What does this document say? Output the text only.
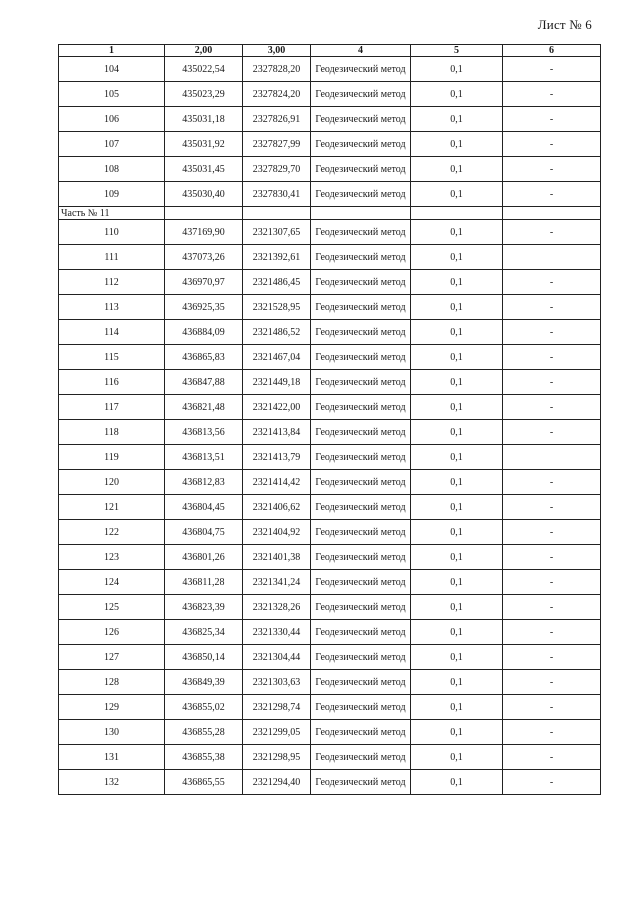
Лист № 6
1	2,00	3,00	4	5	6
104	435022,54	2327828,20	Геодезический метод	0,1	-
105	435023,29	2327824,20	Геодезический метод	0,1	-
106	435031,18	2327826,91	Геодезический метод	0,1	-
107	435031,92	2327827,99	Геодезический метод	0,1	-
108	435031,45	2327829,70	Геодезический метод	0,1	-
109	435030,40	2327830,41	Геодезический метод	0,1	-
Часть № 11					
110	437169,90	2321307,65	Геодезический метод	0,1	-
111	437073,26	2321392,61	Геодезический метод	0,1	
112	436970,97	2321486,45	Геодезический метод	0,1	-
113	436925,35	2321528,95	Геодезический метод	0,1	-
114	436884,09	2321486,52	Геодезический метод	0,1	-
115	436865,83	2321467,04	Геодезический метод	0,1	-
116	436847,88	2321449,18	Геодезический метод	0,1	-
117	436821,48	2321422,00	Геодезический метод	0,1	-
118	436813,56	2321413,84	Геодезический метод	0,1	-
119	436813,51	2321413,79	Геодезический метод	0,1	
120	436812,83	2321414,42	Геодезический метод	0,1	-
121	436804,45	2321406,62	Геодезический метод	0,1	-
122	436804,75	2321404,92	Геодезический метод	0,1	-
123	436801,26	2321401,38	Геодезический метод	0,1	-
124	436811,28	2321341,24	Геодезический метод	0,1	-
125	436823,39	2321328,26	Геодезический метод	0,1	-
126	436825,34	2321330,44	Геодезический метод	0,1	-
127	436850,14	2321304,44	Геодезический метод	0,1	-
128	436849,39	2321303,63	Геодезический метод	0,1	-
129	436855,02	2321298,74	Геодезический метод	0,1	-
130	436855,28	2321299,05	Геодезический метод	0,1	-
131	436855,38	2321298,95	Геодезический метод	0,1	-
132	436865,55	2321294,40	Геодезический метод	0,1	-
